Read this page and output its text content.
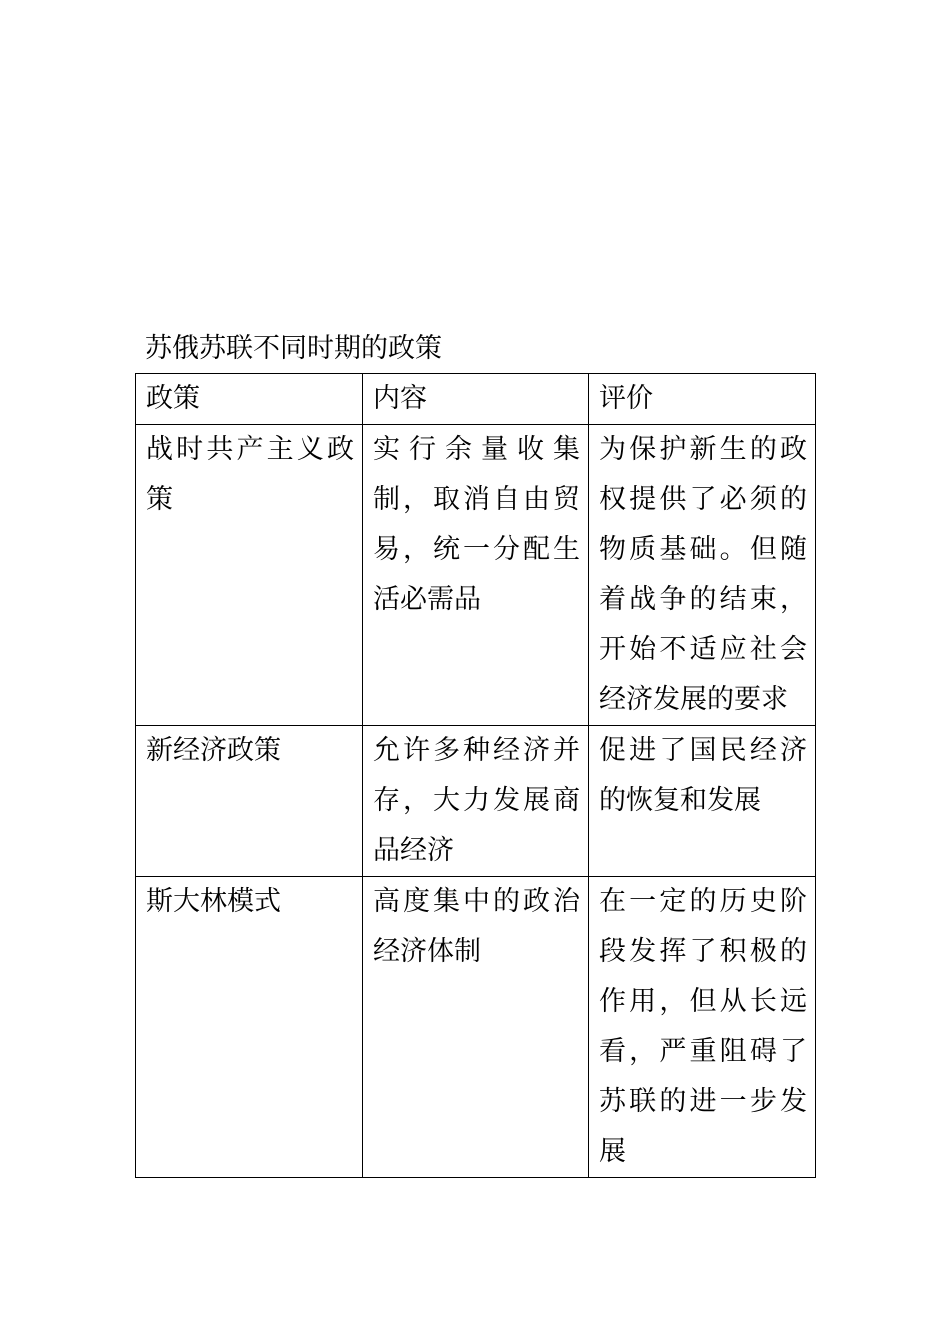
苏俄苏联不同时期的政策
政策	内容	评价
战时共产主义政策	实行余量收集制，取消自由贸易，统一分配生活必需品	为保护新生的政权提供了必须的物质基础。但随着战争的结束，开始不适应社会经济发展的要求
新经济政策	允许多种经济并存，大力发展商品经济	促进了国民经济的恢复和发展
斯大林模式	高度集中的政治经济体制	在一定的历史阶段发挥了积极的作用，但从长远看，严重阻碍了苏联的进一步发展
